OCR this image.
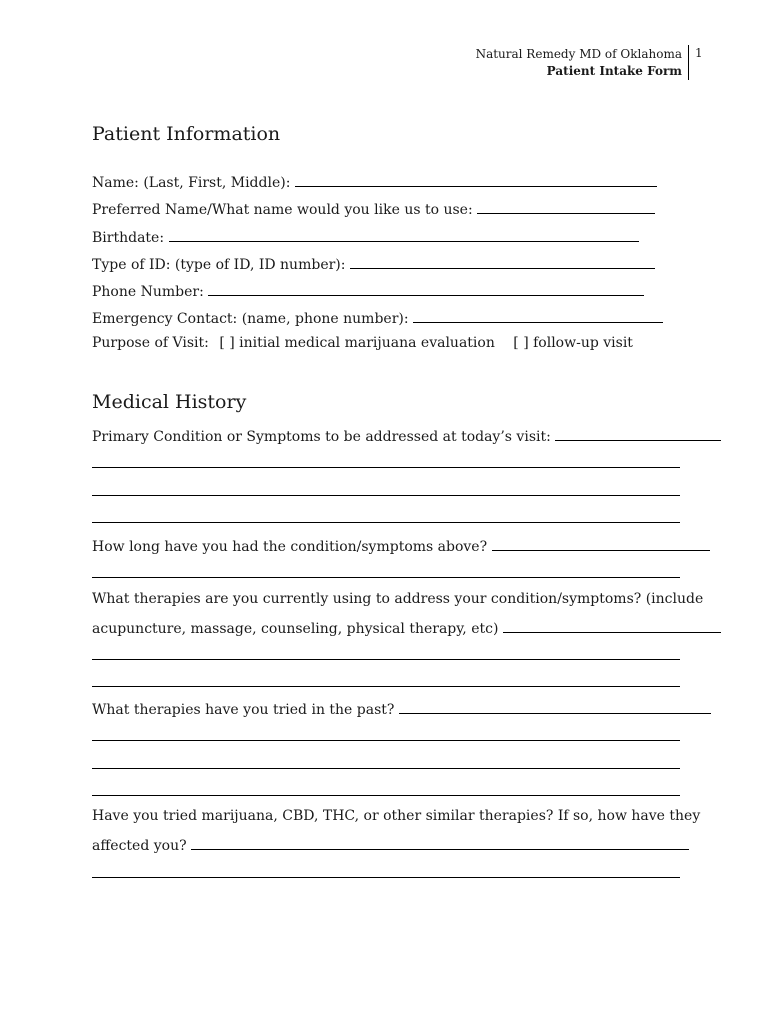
Natural Remedy MD of Oklahoma
Patient Intake Form
1
Patient Information
Name: (Last, First, Middle):
Preferred Name/What name would you like us to use:
Birthdate:
Type of ID: (type of ID, ID number):
Phone Number:
Emergency Contact: (name, phone number):
Purpose of Visit: [ ] initial medical marijuana evaluation [ ] follow-up visit
Medical History
Primary Condition or Symptoms to be addressed at today’s visit:
How long have you had the condition/symptoms above?
What therapies are you currently using to address your condition/symptoms? (include
acupuncture, massage, counseling, physical therapy, etc)
What therapies have you tried in the past?
Have you tried marijuana, CBD, THC, or other similar therapies? If so, how have they
affected you?
